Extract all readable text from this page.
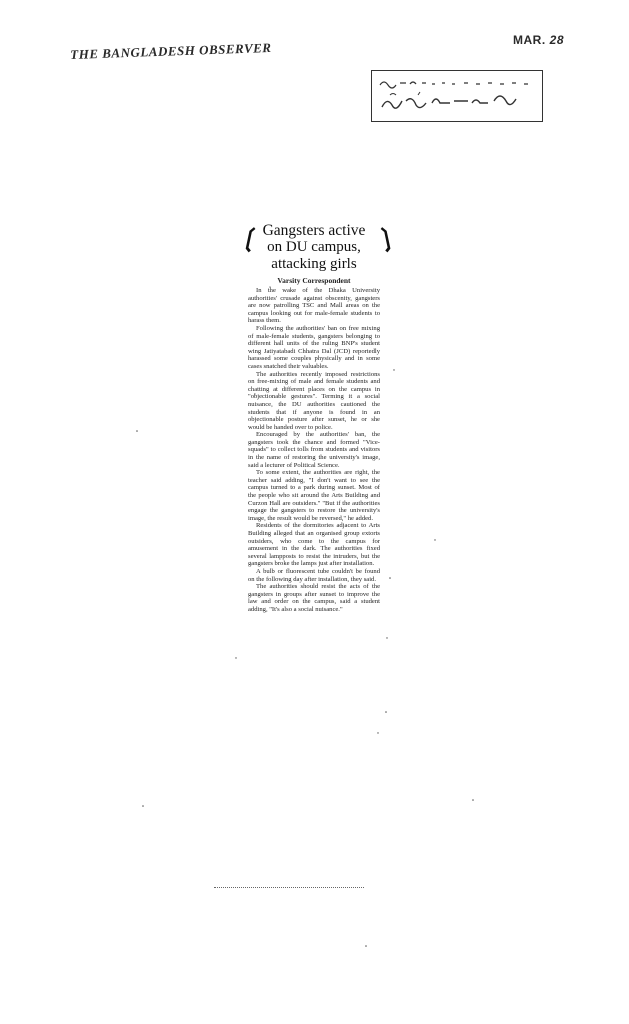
THE BANGLADESH OBSERVER	MAR. 28
❲	❳
Gangsters active
on DU campus,
attacking girls
Varsity Correspondent

In the wake of the Dhaka University authorities' crusade against obscenity, gangsters are now patrolling TSC and Mall areas on the campus looking out for male-female students to harass them.

Following the authorities' ban on free mixing of male-female students, gangsters belonging to different hall units of the ruling BNP's student wing Jatiyatabadi Chhatra Dal (JCD) reportedly harassed some couples physically and in some cases snatched their valuables.

The authorities recently imposed restrictions on free-mixing of male and female students and chatting at different places on the campus in "objectionable gestures". Terming it a social nuisance, the DU authorities cautioned the students that if anyone is found in an objectionable posture after sunset, he or she would be handed over to police.

Encouraged by the authorities' ban, the gangsters took the chance and formed "Vice-squads" to collect tolls from students and visitors in the name of restoring the university's image, said a lecturer of Political Science.

To some extent, the authorities are right, the teacher said adding, "I don't want to see the campus turned to a park during sunset. Most of the people who sit around the Arts Building and Curzon Hall are outsiders." "But if the authorities engage the gangsters to restore the university's image, the result would be reversed," he added.

Residents of the dormitories adjacent to Arts Building alleged that an organised group extorts outsiders, who come to the campus for amusement in the dark. The authorities fixed several lampposts to resist the intruders, but the gangsters broke the lamps just after installation.

A bulb or fluorescent tube couldn't be found on the following day after installation, they said.

The authorities should resist the acts of the gangsters in groups after sunset to improve the law and order on the campus, said a student adding, "It's also a social nuisance."
